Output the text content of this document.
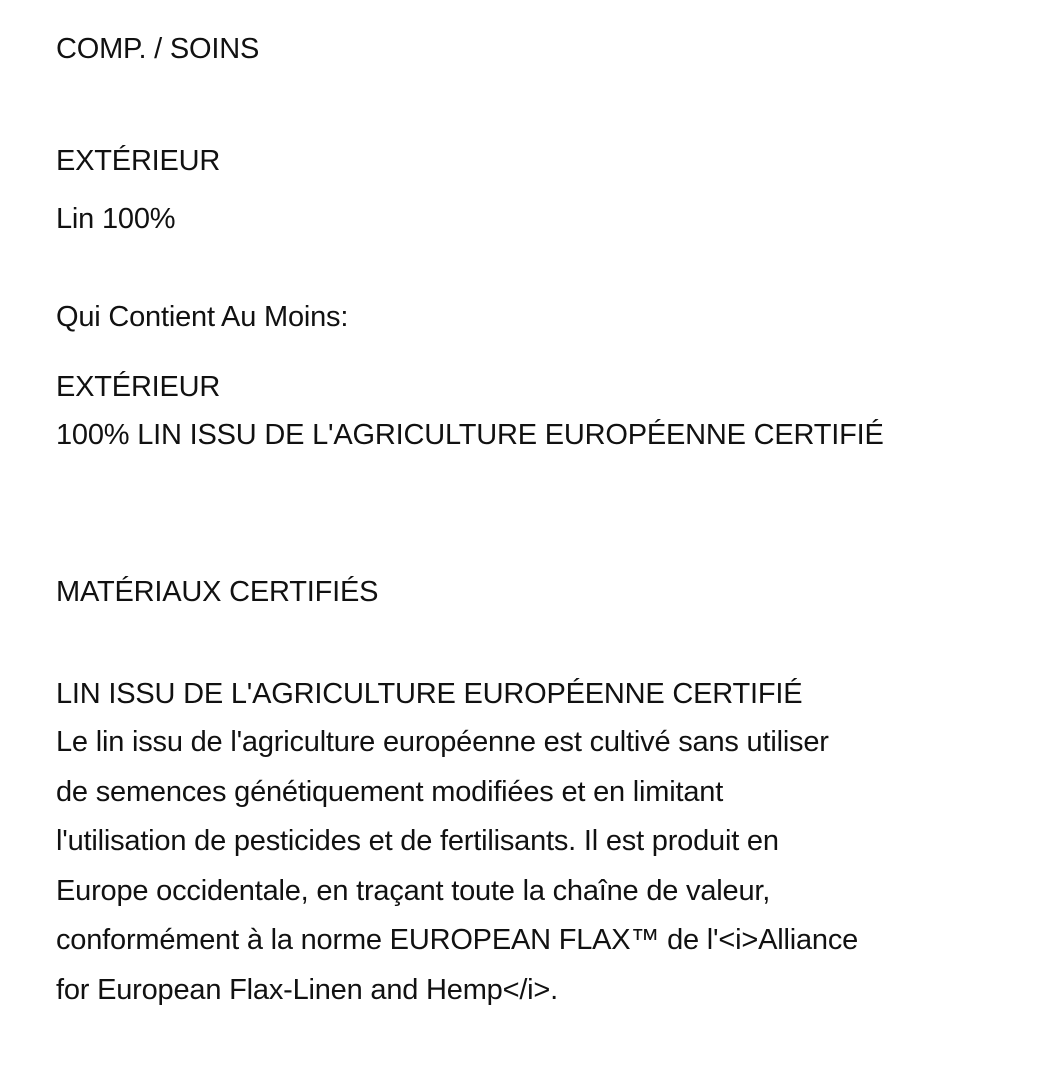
COMP. / SOINS
EXTÉRIEUR
Lin 100%
Qui Contient Au Moins:
EXTÉRIEUR
100% LIN ISSU DE L'AGRICULTURE EUROPÉENNE CERTIFIÉ
MATÉRIAUX CERTIFIÉS
LIN ISSU DE L'AGRICULTURE EUROPÉENNE CERTIFIÉ
Le lin issu de l'agriculture européenne est cultivé sans utiliser
de semences génétiquement modifiées et en limitant
l'utilisation de pesticides et de fertilisants. Il est produit en
Europe occidentale, en traçant toute la chaîne de valeur,
conformément à la norme EUROPEAN FLAX™ de l'<i>Alliance
for European Flax-Linen and Hemp</i>.
